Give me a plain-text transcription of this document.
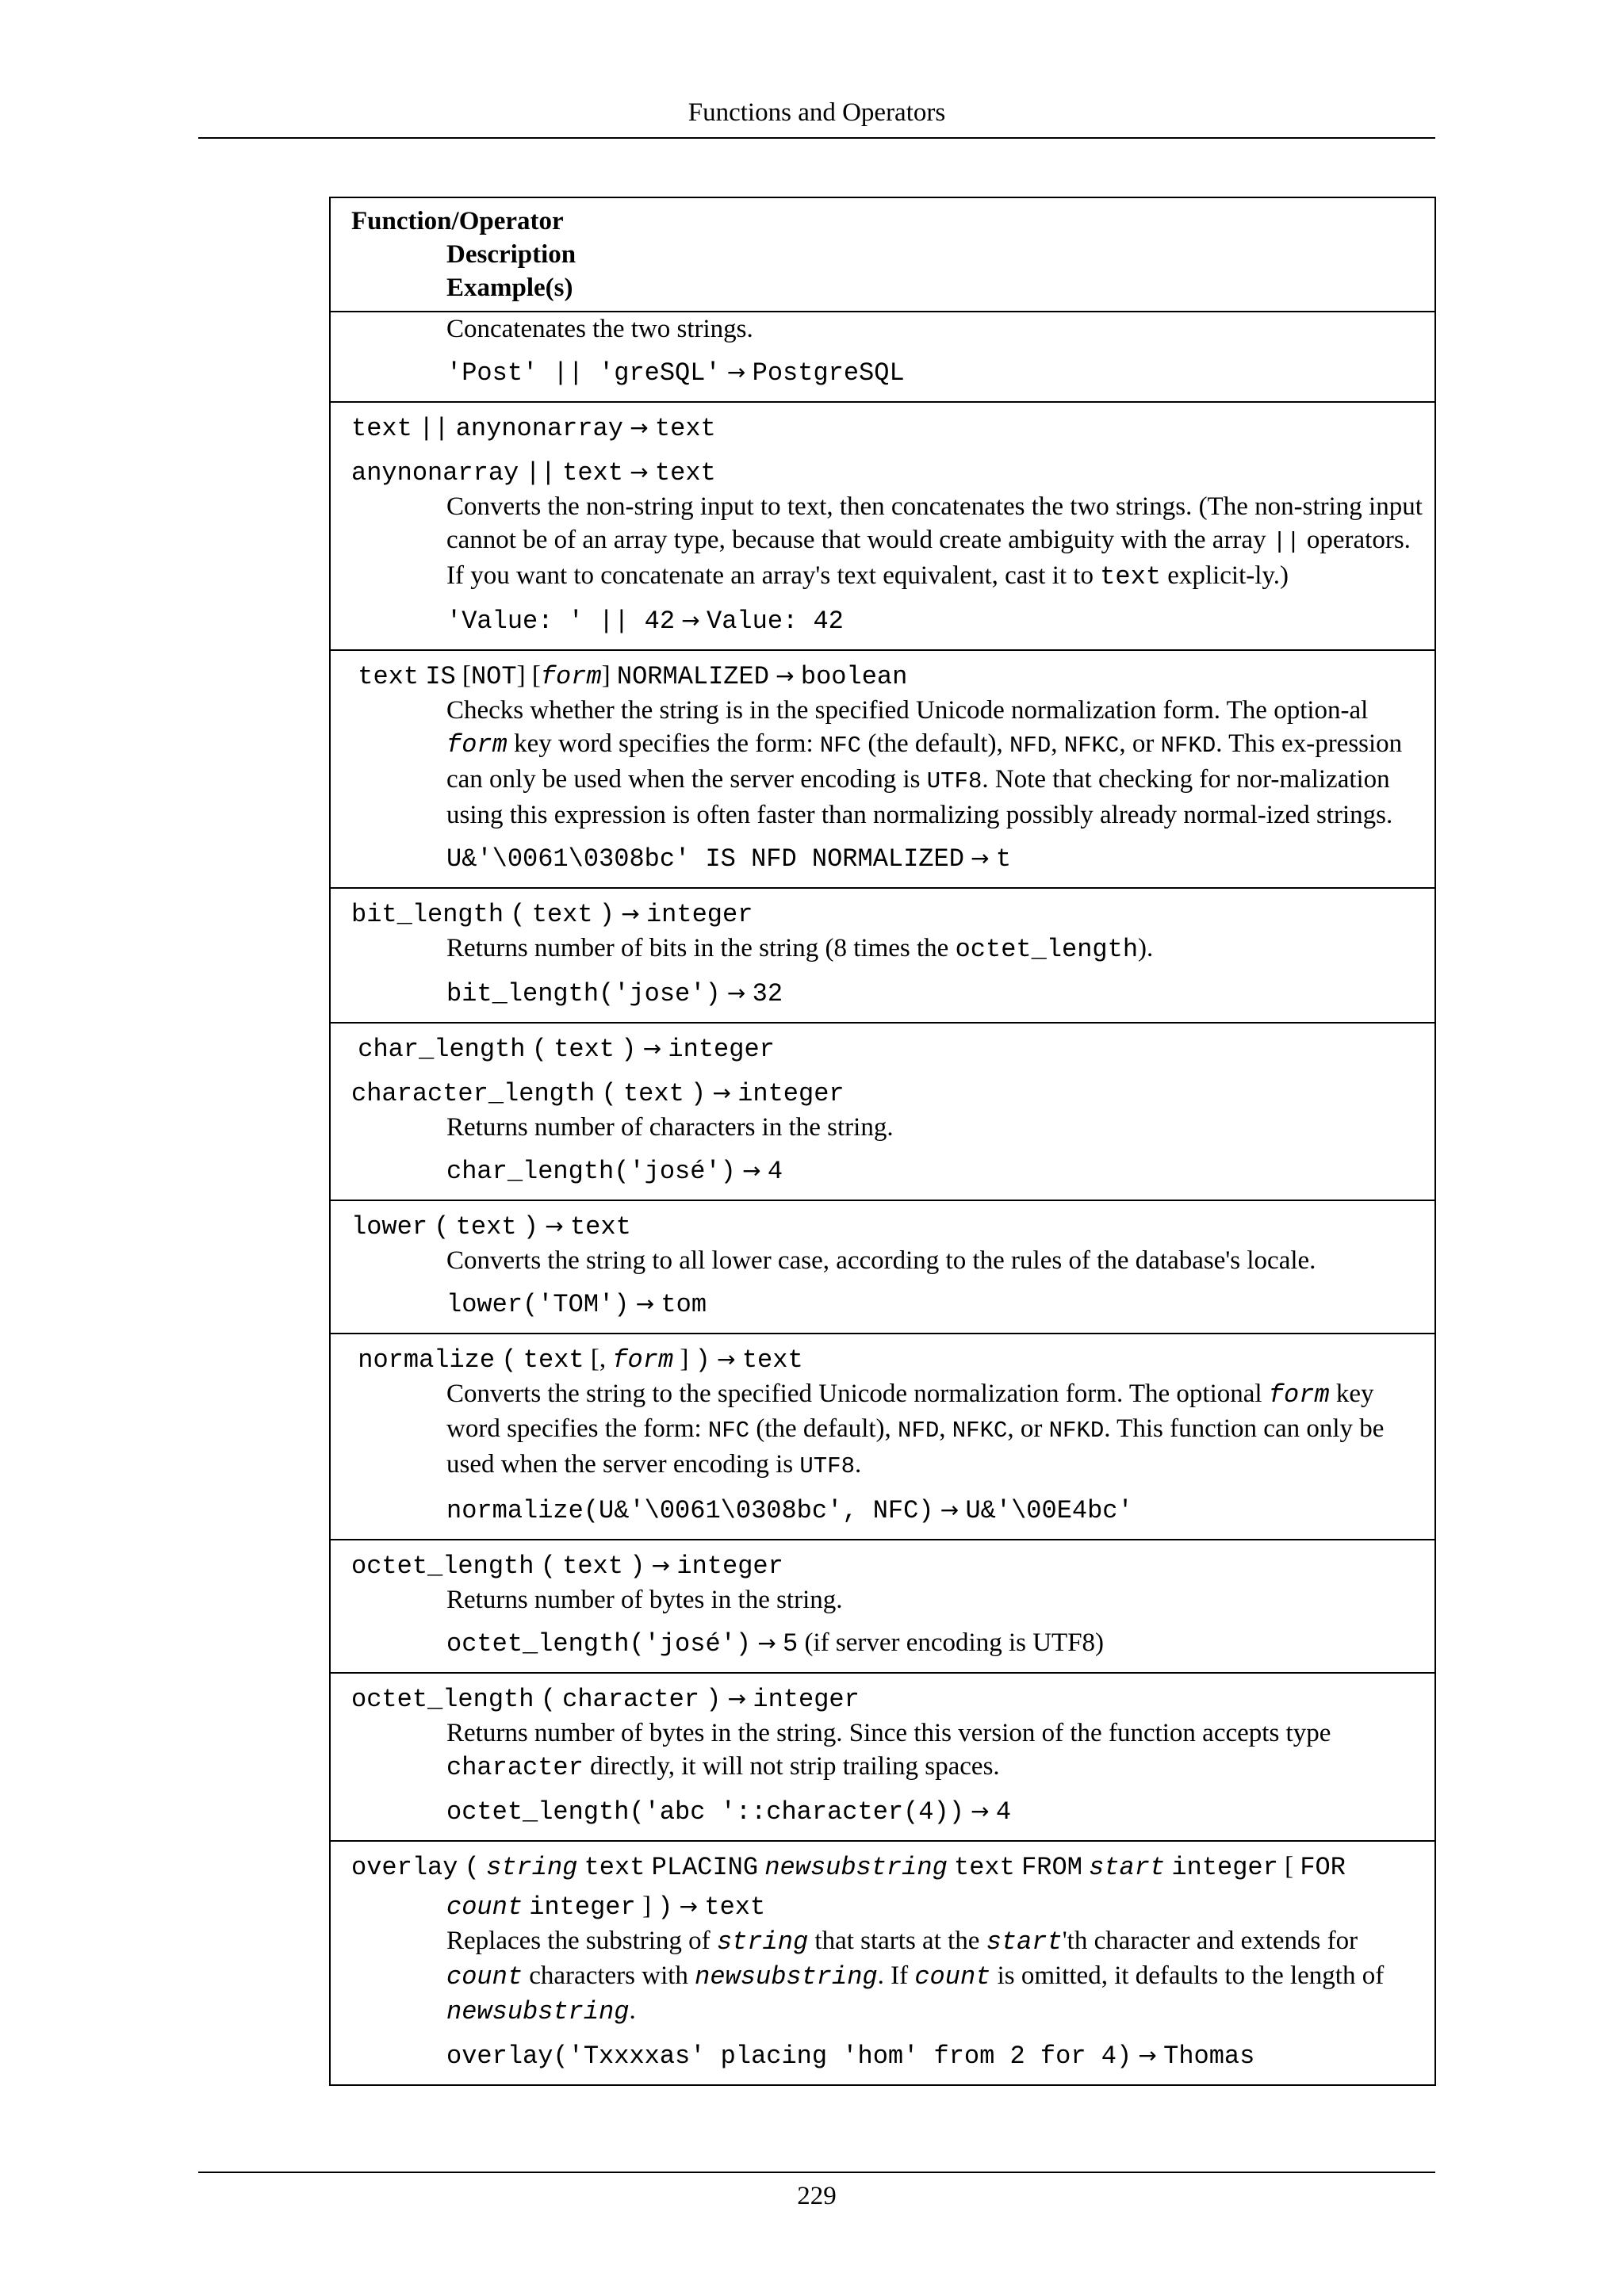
Functions and Operators
Function/Operator
Description
Example(s)

Concatenates the two strings.
'Post' || 'greSQL' → PostgreSQL

text || anynonarray → text
anynonarray || text → text
Converts the non-string input to text, then concatenates the two strings. (The non-string input cannot be of an array type, because that would create ambiguity with the array || operators. If you want to concatenate an array's text equivalent, cast it to text explicit-ly.)
'Value: ' || 42 → Value: 42

text IS [NOT] [form] NORMALIZED → boolean
Checks whether the string is in the specified Unicode normalization form. The option-al form key word specifies the form: NFC (the default), NFD, NFKC, or NFKD. This ex-pression can only be used when the server encoding is UTF8. Note that checking for nor-malization using this expression is often faster than normalizing possibly already normal-ized strings.
U&'\0061\0308bc' IS NFD NORMALIZED → t

bit_length ( text ) → integer
Returns number of bits in the string (8 times the octet_length).
bit_length('jose') → 32

char_length ( text ) → integer
character_length ( text ) → integer
Returns number of characters in the string.
char_length('josé') → 4

lower ( text ) → text
Converts the string to all lower case, according to the rules of the database's locale.
lower('TOM') → tom

normalize ( text [, form ] ) → text
Converts the string to the specified Unicode normalization form. The optional form key word specifies the form: NFC (the default), NFD, NFKC, or NFKD. This function can only be used when the server encoding is UTF8.
normalize(U&'\0061\0308bc', NFC) → U&'\00E4bc'

octet_length ( text ) → integer
Returns number of bytes in the string.
octet_length('josé') → 5 (if server encoding is UTF8)

octet_length ( character ) → integer
Returns number of bytes in the string. Since this version of the function accepts type character directly, it will not strip trailing spaces.
octet_length('abc '::character(4)) → 4

overlay ( string text PLACING newsubstring text FROM start integer [ FOR
count integer ] ) → text
Replaces the substring of string that starts at the start'th character and extends for count characters with newsubstring. If count is omitted, it defaults to the length of newsubstring.
overlay('Txxxxas' placing 'hom' from 2 for 4) → Thomas
229
